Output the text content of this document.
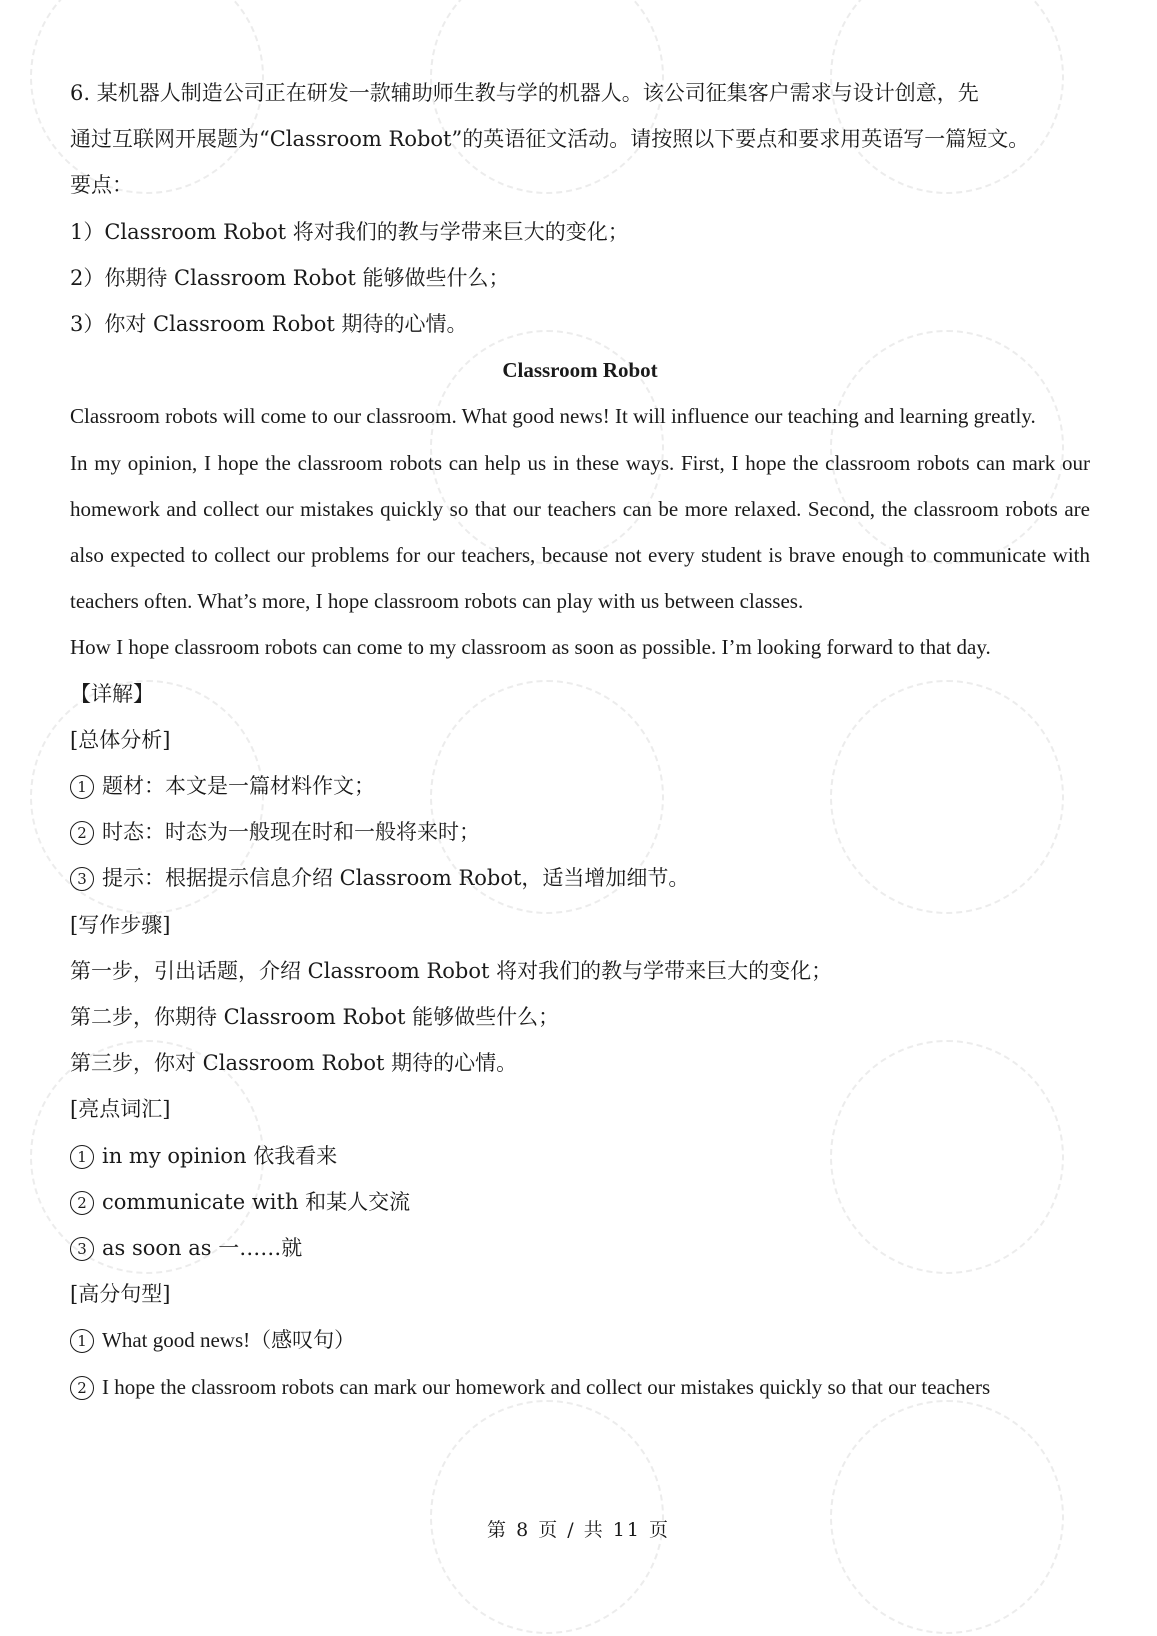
6. 某机器人制造公司正在研发一款辅助师生教与学的机器人。该公司征集客户需求与设计创意，先

通过互联网开展题为“Classroom Robot”的英语征文活动。请按照以下要点和要求用英语写一篇短文。

要点：

1）Classroom Robot 将对我们的教与学带来巨大的变化；

2）你期待 Classroom Robot 能够做些什么；

3）你对 Classroom Robot 期待的心情。

Classroom Robot

Classroom robots will come to our classroom. What good news! It will influence our teaching and learning greatly.

In my opinion, I hope the classroom robots can help us in these ways. First, I hope the classroom robots can mark our homework and collect our mistakes quickly so that our teachers can be more relaxed. Second, the classroom robots are also expected to collect our problems for our teachers, because not every student is brave enough to communicate with teachers often. What’s more, I hope classroom robots can play with us between classes.

How I hope classroom robots can come to my classroom as soon as possible. I’m looking forward to that day.

【详解】

[总体分析]

1 题材：本文是一篇材料作文；

2 时态：时态为一般现在时和一般将来时；

3 提示：根据提示信息介绍 Classroom Robot，适当增加细节。

[写作步骤]

第一步，引出话题，介绍 Classroom Robot 将对我们的教与学带来巨大的变化；

第二步，你期待 Classroom Robot 能够做些什么；

第三步，你对 Classroom Robot 期待的心情。

[亮点词汇]

1 in my opinion 依我看来

2 communicate with 和某人交流

3 as soon as 一……就

[高分句型]

1 What good news!（感叹句）

2 I hope the classroom robots can mark our homework and collect our mistakes quickly so that our teachers

第 8 页 / 共 11 页
